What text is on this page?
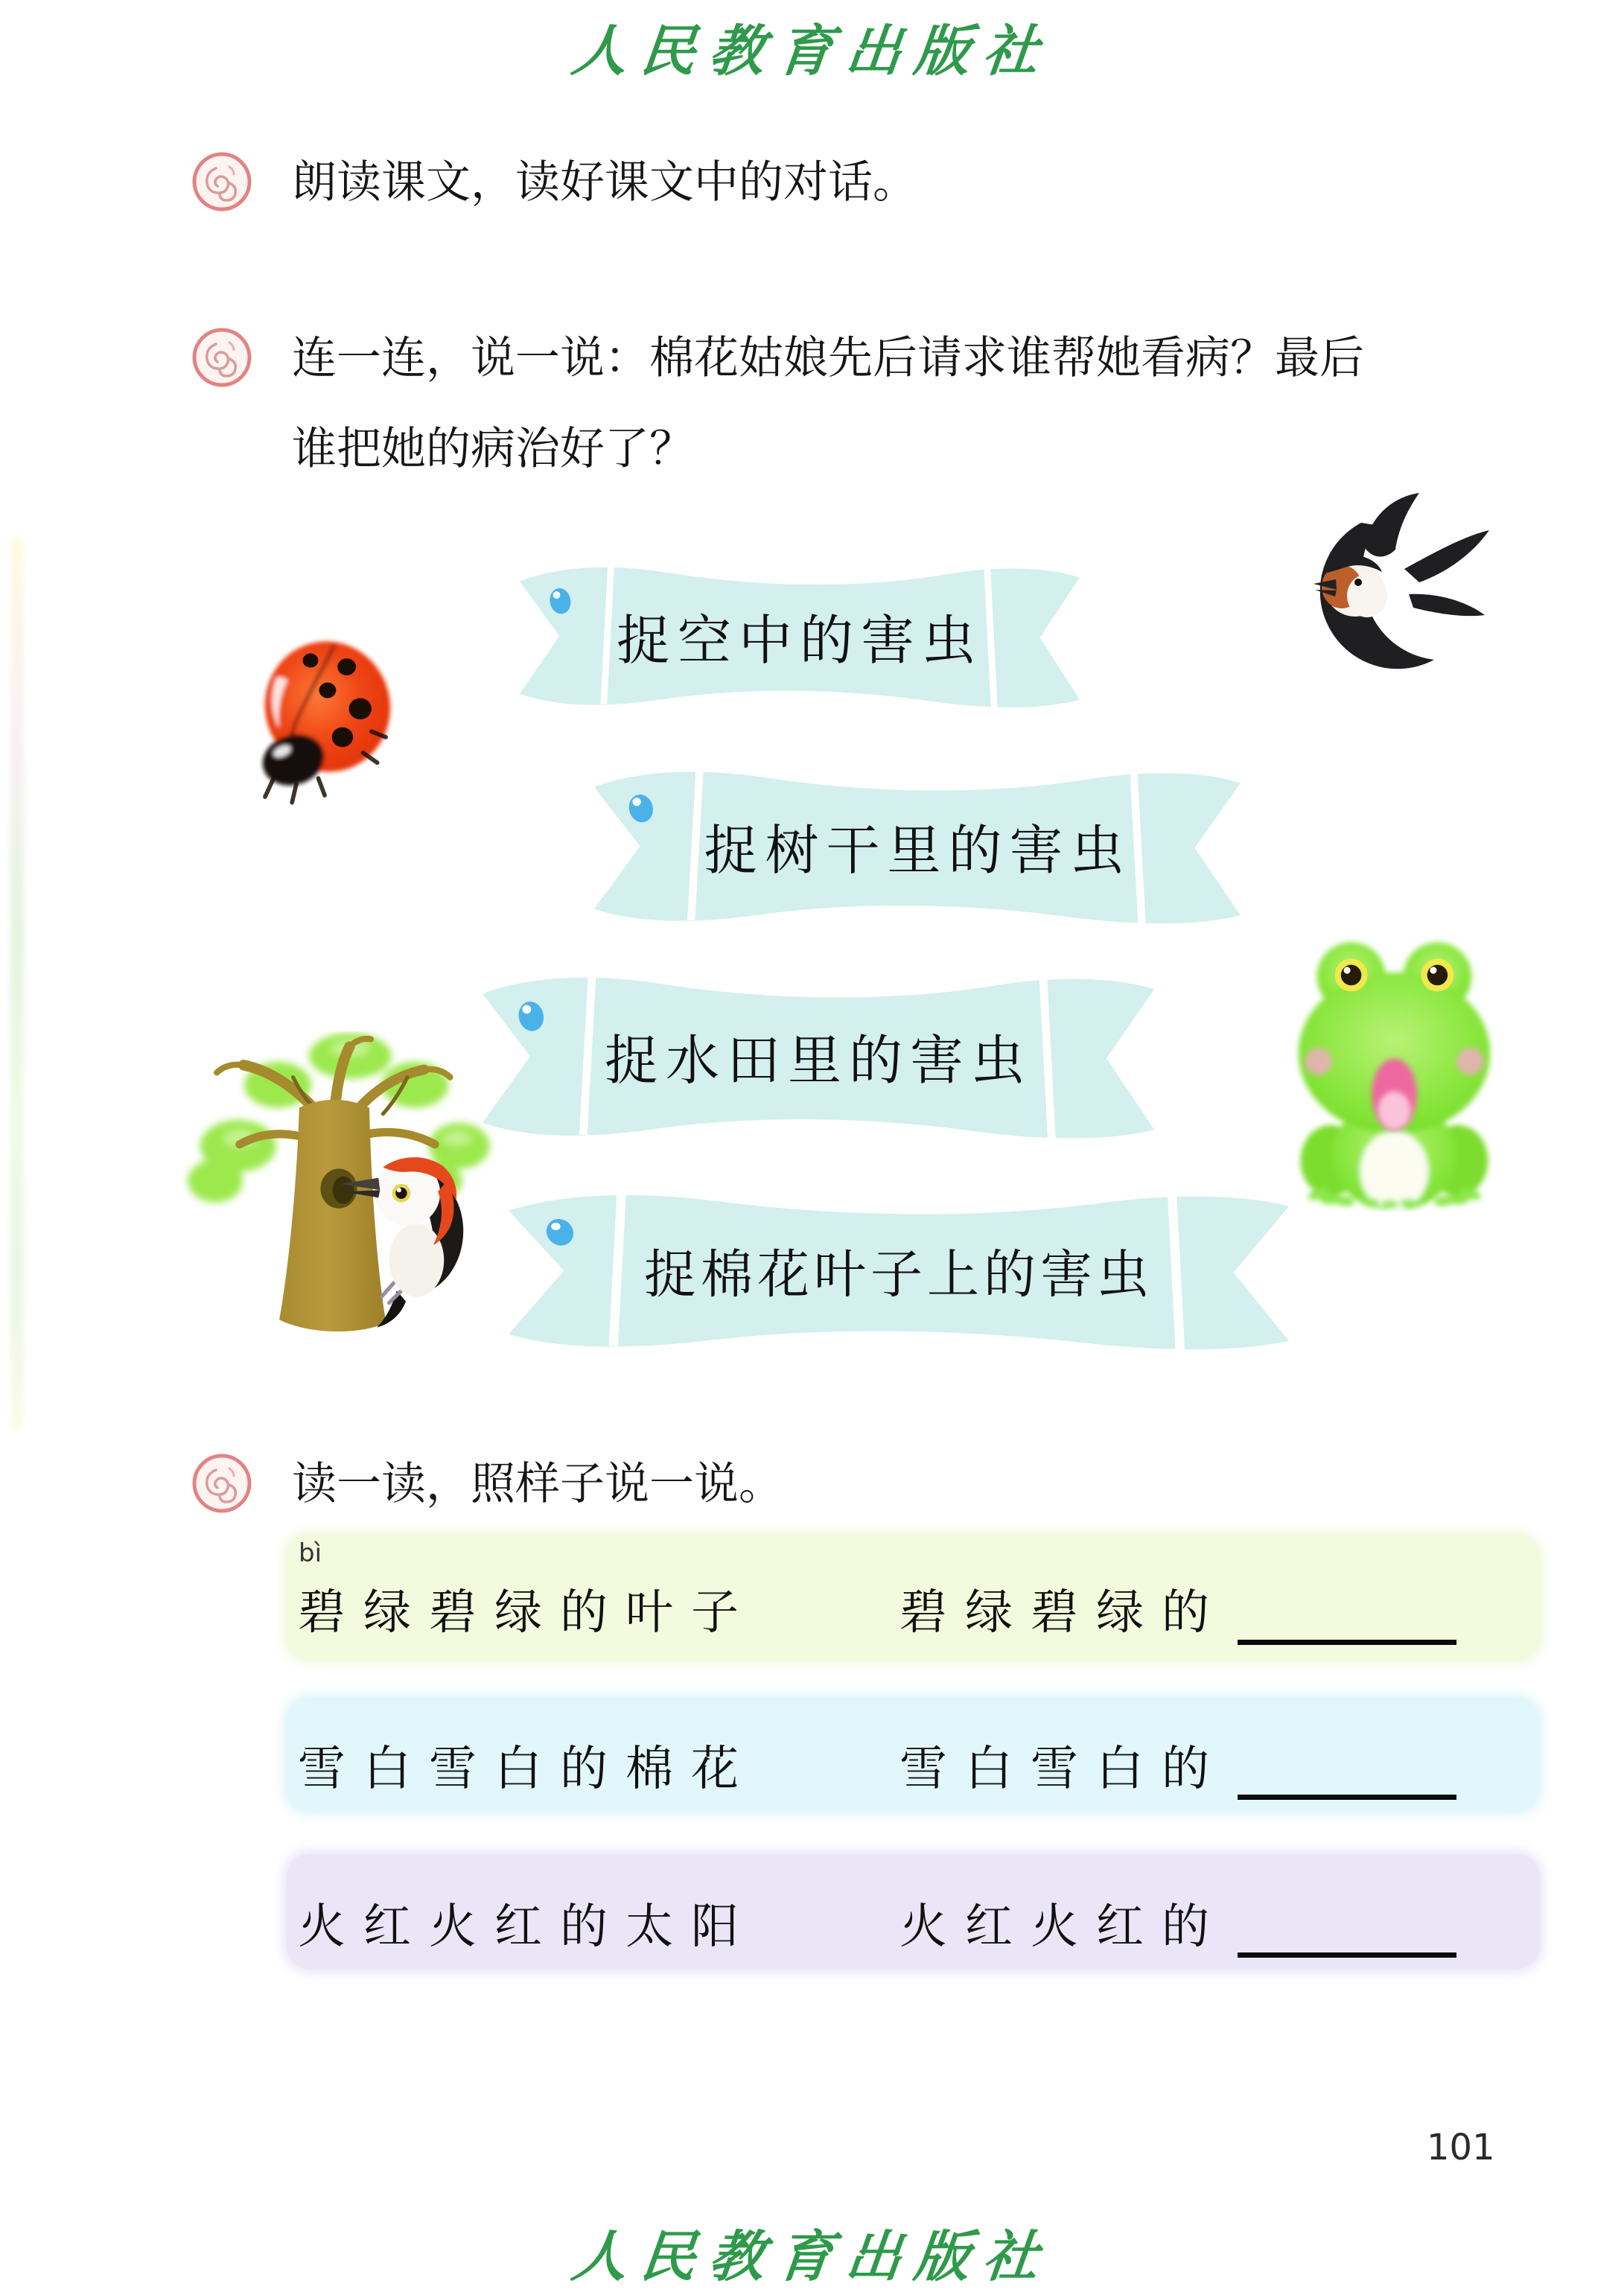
人民教育出版社
朗读课文，读好课文中的对话。
连一连，说一说：棉花姑娘先后请求谁帮她看病？最后
谁把她的病治好了？
捉空中的害虫
捉树干里的害虫
捉水田里的害虫
捉棉花叶子上的害虫
读一读，照样子说一说。
bì
碧绿碧绿的叶子	碧绿碧绿的
雪白雪白的棉花	雪白雪白的
火红火红的太阳	火红火红的
101
人民教育出版社
